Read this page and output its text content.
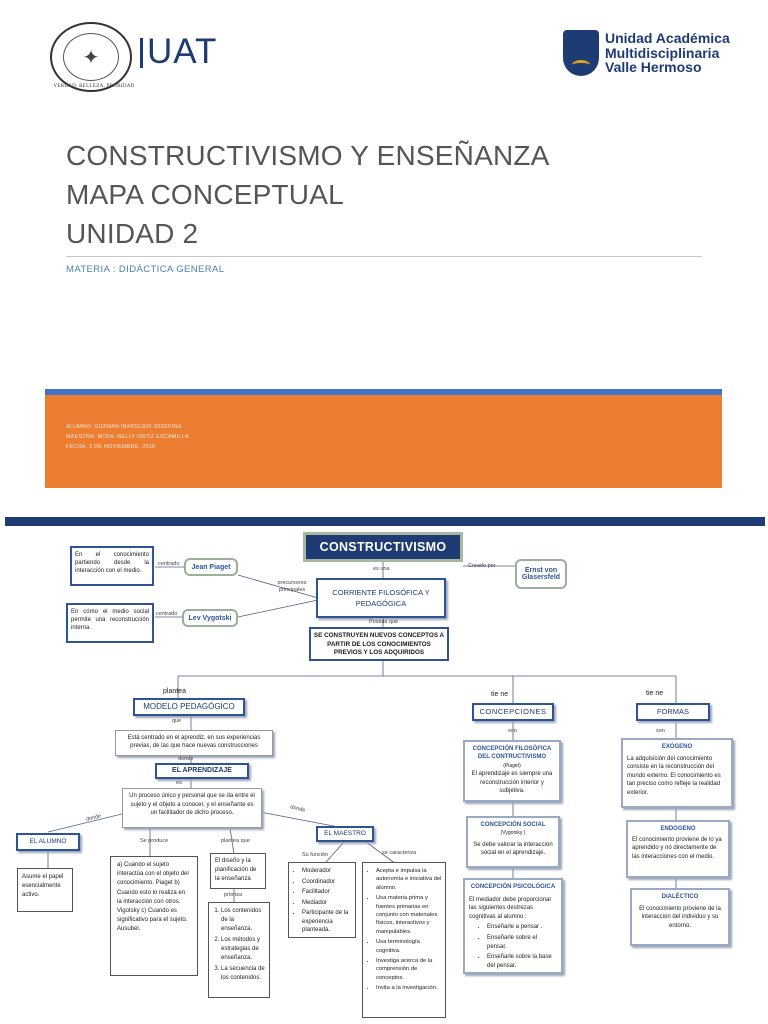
✦
VERDAD, BELLEZA, PROBIDAD
UAT	Unidad Académica
Multidisciplinaria
Valle Hermoso
CONSTRUCTIVISMO Y ENSEÑANZA
MAPA CONCEPTUAL
UNIDAD 2
MATERIA : DIDÁCTICA GENERAL
ALUMNO: GUZMAN IBARGUEN JOSEFINA
MAESTRA: MTRA. NELLY ORTIZ ESCAMILLA
FECHA: 3 DE NOVIEMBRE, 2019
CONSTRUCTIVISMO
es una	Creado por
Ernst von Glasersfeld
CORRIENTE FILOSÓFICA Y PEDAGÓGICA
Postula que
SE CONSTRUYEN NUEVOS CONCEPTOS A PARTIR DE LOS CONOCIMIENTOS PREVIOS Y LOS ADQUIRIDOS
precursores principales
Jean Piaget
centrado
En el conocimiento partiendo desde la interacción con el medio.
Lev Vygotski
centrado
En cómo el medio social permite una reconstrucción interna.
plantea
MODELO PEDAGÓGICO
que
Está centrado en el aprendiz, en sus experiencias previas, de las que hace nuevas construcciones
donde
EL APRENDIZAJE
es
Un proceso único y personal que se da entre el sujeto y el objeto a conocer, y el enseñante es un facilitador de dicho proceso.
donde
donde
EL ALUMNO
Asume el papel esencialmente activo.
Se produce
a) Cuando el sujeto interactúa con el objeto del conocimiento. Piaget b) Cuando esto lo realiza en la interacción con otros. Vigotsky c) Cuando es significativo para el sujeto. Ausubel.
plantea que
El diseño y la planificación de la enseñanza
prioriza
1. Los contenidos de la enseñanza.
2. Los métodos y estrategias de enseñanza.
3. La secuencia de los contenidos.
EL MAESTRO
Su función
• Moderador
• Coordinador
• Facilitador
• Mediador
• Participante de la experiencia planteada.
se caracteriza
• Acepta e impulsa la autonomía e iniciativa del alumno.
• Usa materia prima y fuentes primarias en conjunto con materiales físicos, interactivos y manipulables.
• Usa terminología cognitiva.
• Investiga acerca de la comprensión de conceptos.
• Invita a la investigación.
tie ne
CONCEPCIONES
son
CONCEPCIÓN FILOSÓFICA DEL CONTRUCTIVISMO
(Piaget)
El aprendizaje es siempre una reconstrucción interior y subjetiva.
CONCEPCIÓN SOCIAL
(Vygotsky )
Se debe valorar la interacción social en el aprendizaje.
CONCEPCIÓN PSICOLÓGICA
El mediador debe proporcionar las siguientes destrezas cognitivas al alumno :
• Enseñarle a pensar .
• Enseñarle sobre el pensar.
• Enseñarle sobre la base del pensar.
tie ne
FORMAS
son
EXÓGENO
La adquisición del conocimiento consiste en la reconstrucción del mundo externo. El conocimiento es tan preciso como refleje la realidad exterior.
ENDOGENO
El conocimiento proviene de lo ya aprendido y no directamente de las interacciones con el medio.
DIALÉCTICO
El conocimiento proviene de la interacción del individuo y su entorno.
